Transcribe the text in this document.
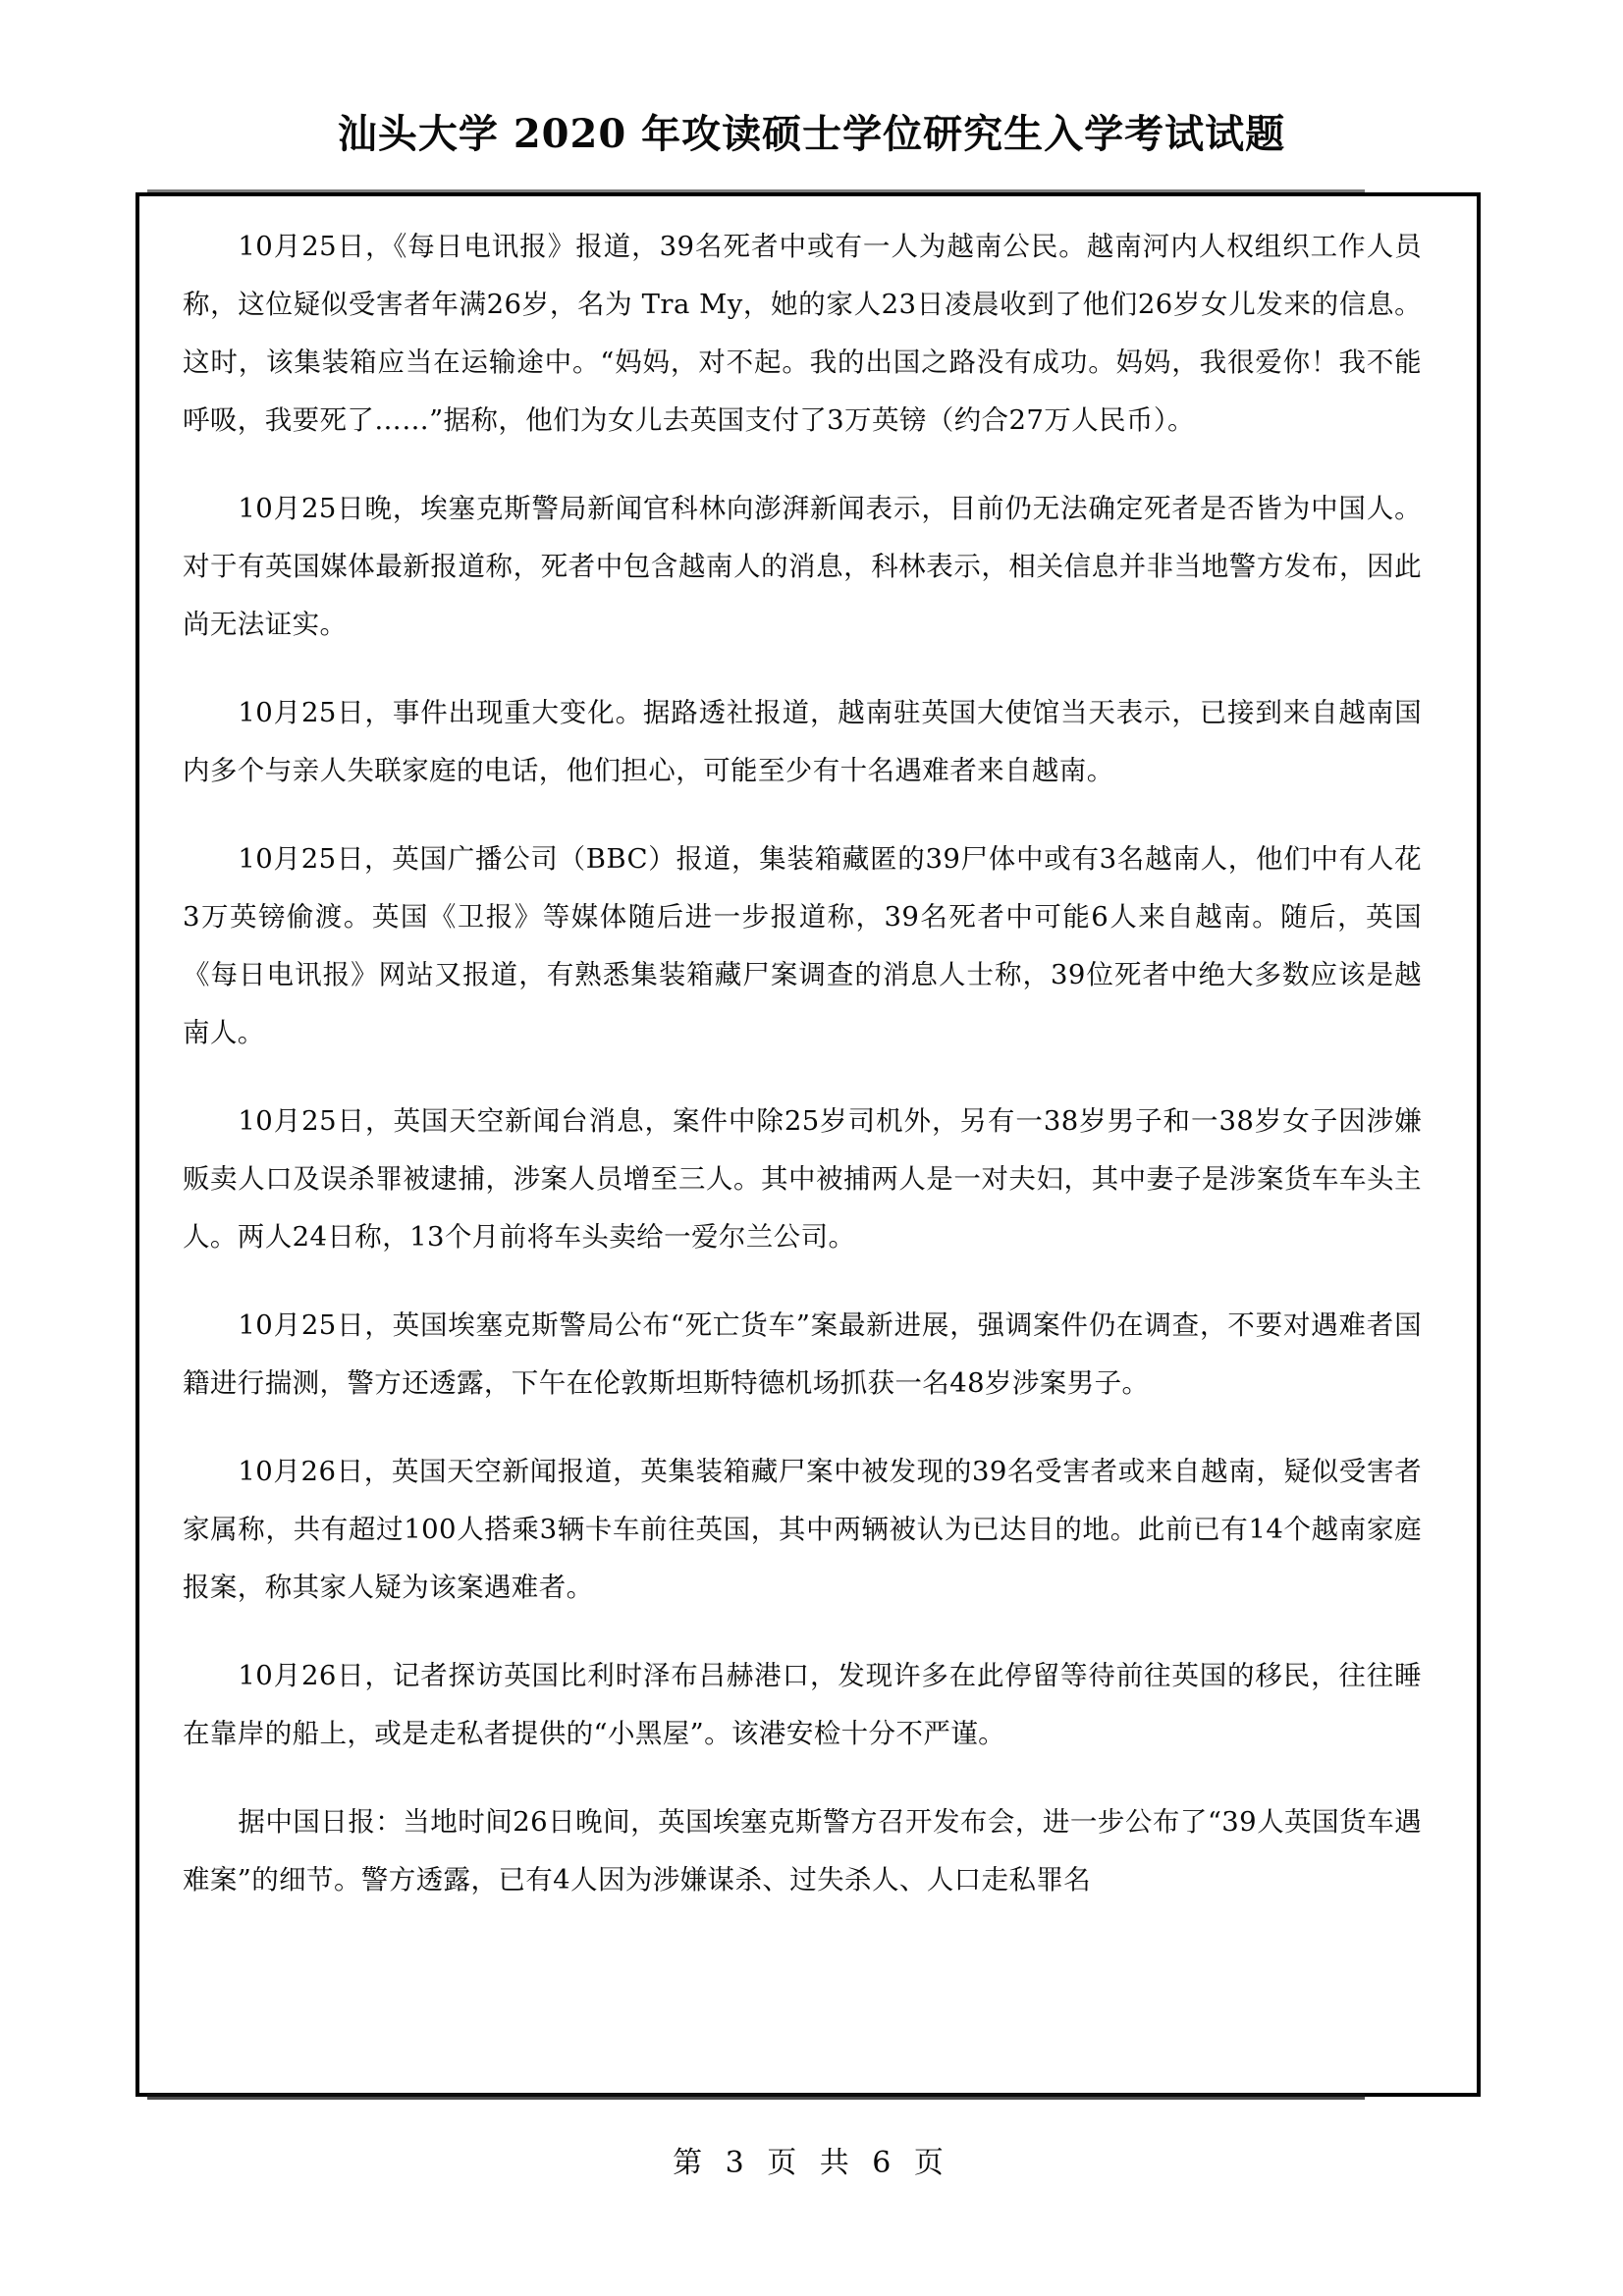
汕头大学 2020 年攻读硕士学位研究生入学考试试题

10月25日，《每日电讯报》报道，39名死者中或有一人为越南公民。越南河内人权组织工作人员称，这位疑似受害者年满26岁，名为 Tra My，她的家人23日凌晨收到了他们26岁女儿发来的信息。这时，该集装箱应当在运输途中。“妈妈，对不起。我的出国之路没有成功。妈妈，我很爱你！我不能呼吸，我要死了……”据称，他们为女儿去英国支付了3万英镑（约合27万人民币）。

10月25日晚，埃塞克斯警局新闻官科林向澎湃新闻表示，目前仍无法确定死者是否皆为中国人。对于有英国媒体最新报道称，死者中包含越南人的消息，科林表示，相关信息并非当地警方发布，因此尚无法证实。

10月25日，事件出现重大变化。据路透社报道，越南驻英国大使馆当天表示，已接到来自越南国内多个与亲人失联家庭的电话，他们担心，可能至少有十名遇难者来自越南。

10月25日，英国广播公司（BBC）报道，集装箱藏匿的39尸体中或有3名越南人，他们中有人花3万英镑偷渡。英国《卫报》等媒体随后进一步报道称，39名死者中可能6人来自越南。随后，英国《每日电讯报》网站又报道，有熟悉集装箱藏尸案调查的消息人士称，39位死者中绝大多数应该是越南人。

10月25日，英国天空新闻台消息，案件中除25岁司机外，另有一38岁男子和一38岁女子因涉嫌贩卖人口及误杀罪被逮捕，涉案人员增至三人。其中被捕两人是一对夫妇，其中妻子是涉案货车车头主人。两人24日称，13个月前将车头卖给一爱尔兰公司。

10月25日，英国埃塞克斯警局公布“死亡货车”案最新进展，强调案件仍在调查，不要对遇难者国籍进行揣测，警方还透露，下午在伦敦斯坦斯特德机场抓获一名48岁涉案男子。

10月26日，英国天空新闻报道，英集装箱藏尸案中被发现的39名受害者或来自越南，疑似受害者家属称，共有超过100人搭乘3辆卡车前往英国，其中两辆被认为已达目的地。此前已有14个越南家庭报案，称其家人疑为该案遇难者。

10月26日，记者探访英国比利时泽布吕赫港口，发现许多在此停留等待前往英国的移民，往往睡在靠岸的船上，或是走私者提供的“小黑屋”。该港安检十分不严谨。

据中国日报：当地时间26日晚间，英国埃塞克斯警方召开发布会，进一步公布了“39人英国货车遇难案”的细节。警方透露，已有4人因为涉嫌谋杀、过失杀人、人口走私罪名

第 3 页 共 6 页
